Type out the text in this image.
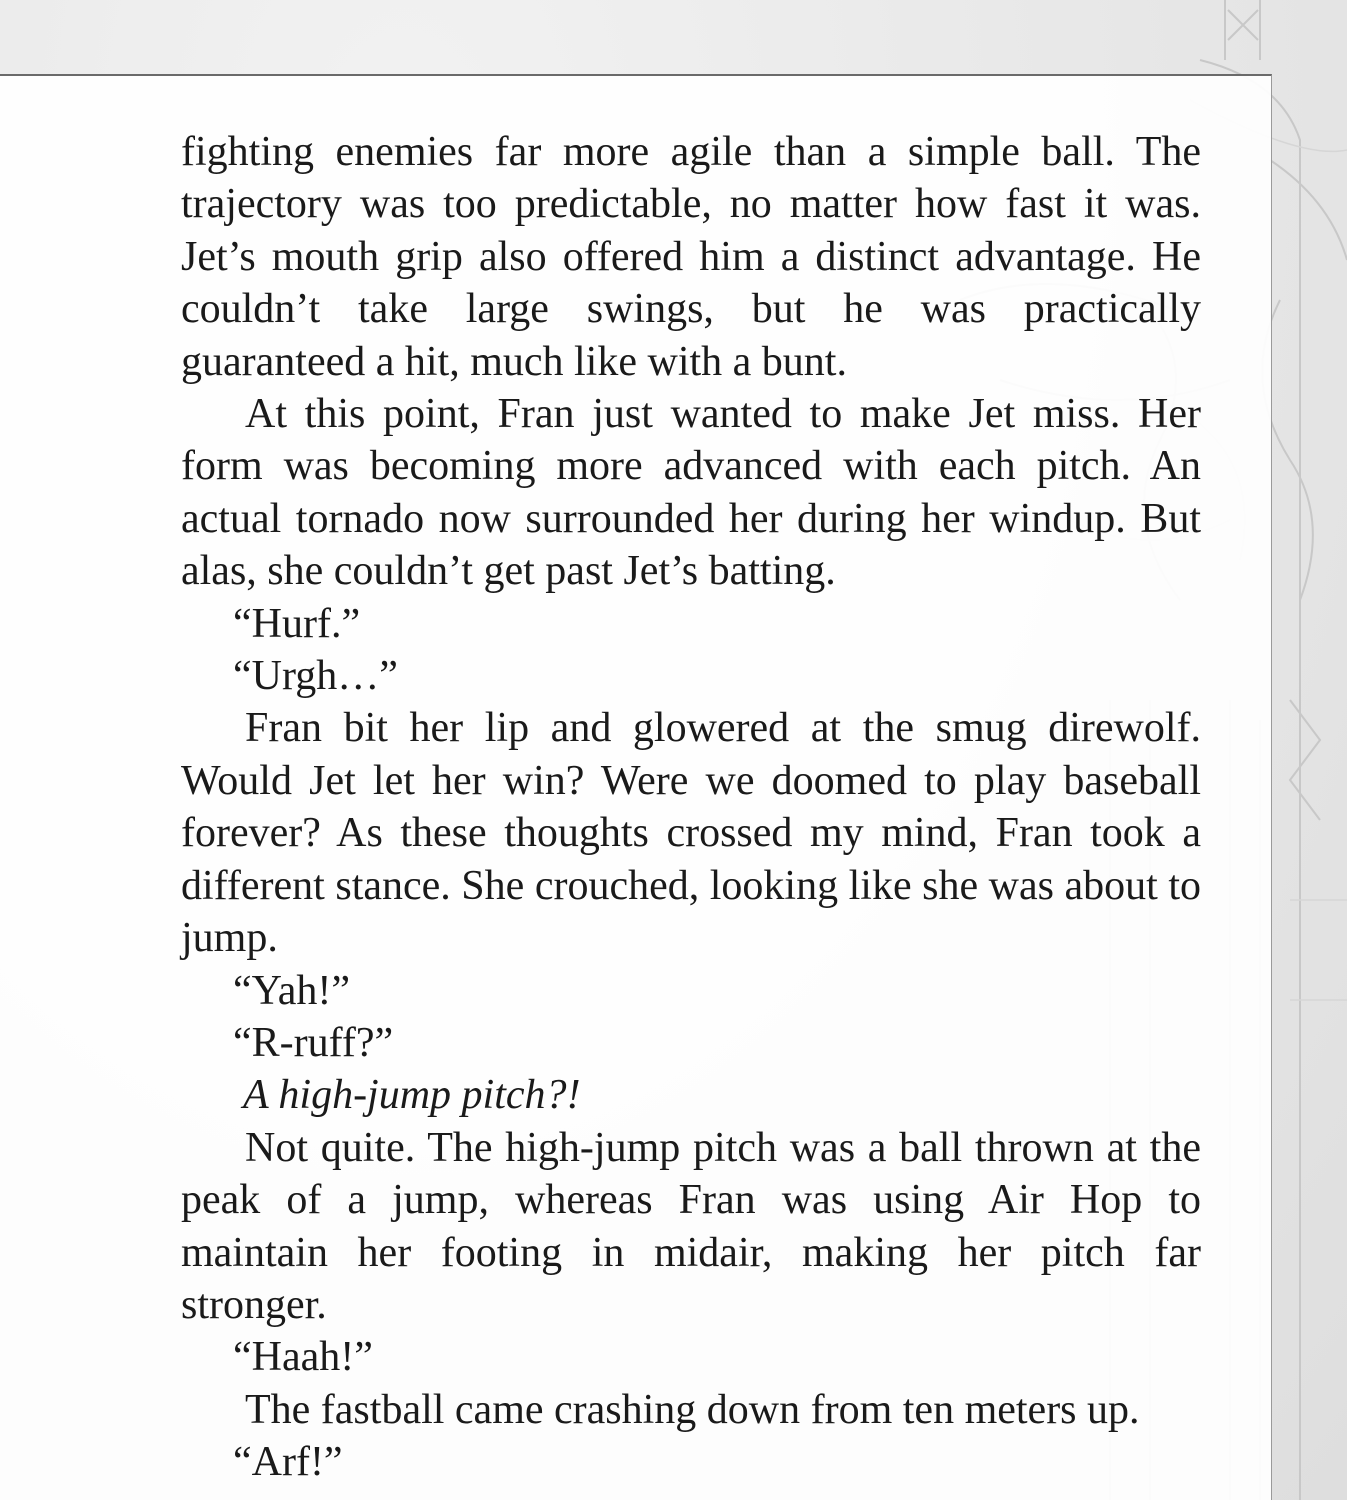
fighting enemies far more agile than a simple ball. The trajectory was too predictable, no matter how fast it was. Jet’s mouth grip also offered him a distinct advantage. He couldn’t take large swings, but he was practically guaranteed a hit, much like with a bunt.

At this point, Fran just wanted to make Jet miss. Her form was becoming more advanced with each pitch. An actual tornado now surrounded her during her windup. But alas, she couldn’t get past Jet’s batting.

“Hurf.”

“Urgh…”

Fran bit her lip and glowered at the smug direwolf. Would Jet let her win? Were we doomed to play baseball forever? As these thoughts crossed my mind, Fran took a different stance. She crouched, looking like she was about to jump.

“Yah!”

“R-ruff?”

A high-jump pitch?!

Not quite. The high-jump pitch was a ball thrown at the peak of a jump, whereas Fran was using Air Hop to maintain her footing in midair, making her pitch far stronger.

“Haah!”

The fastball came crashing down from ten meters up.

“Arf!”
